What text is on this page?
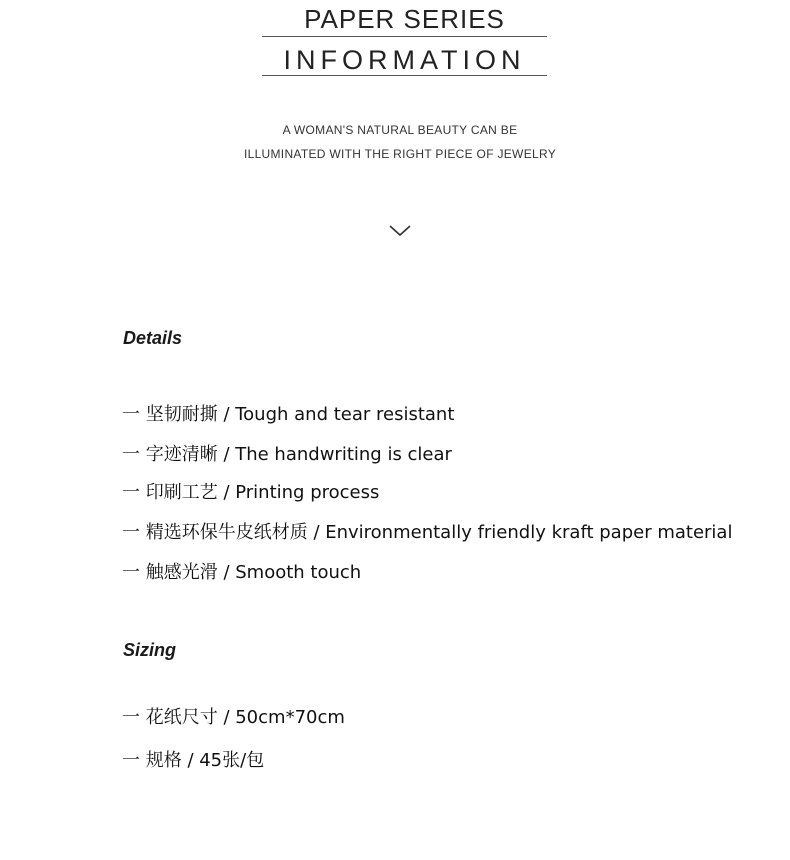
PAPER SERIES
INFORMATION
A WOMAN'S NATURAL BEAUTY CAN BE
ILLUMINATED WITH THE RIGHT PIECE OF JEWELRY
Details
一 坚韧耐撕 / Tough and tear resistant
一 字迹清晰 / The handwriting is clear
一 印刷工艺 / Printing process
一 精选环保牛皮纸材质 / Environmentally friendly kraft paper material
一 触感光滑 / Smooth touch
Sizing
一 花纸尺寸 / 50cm*70cm
一 规格 / 45张/包
